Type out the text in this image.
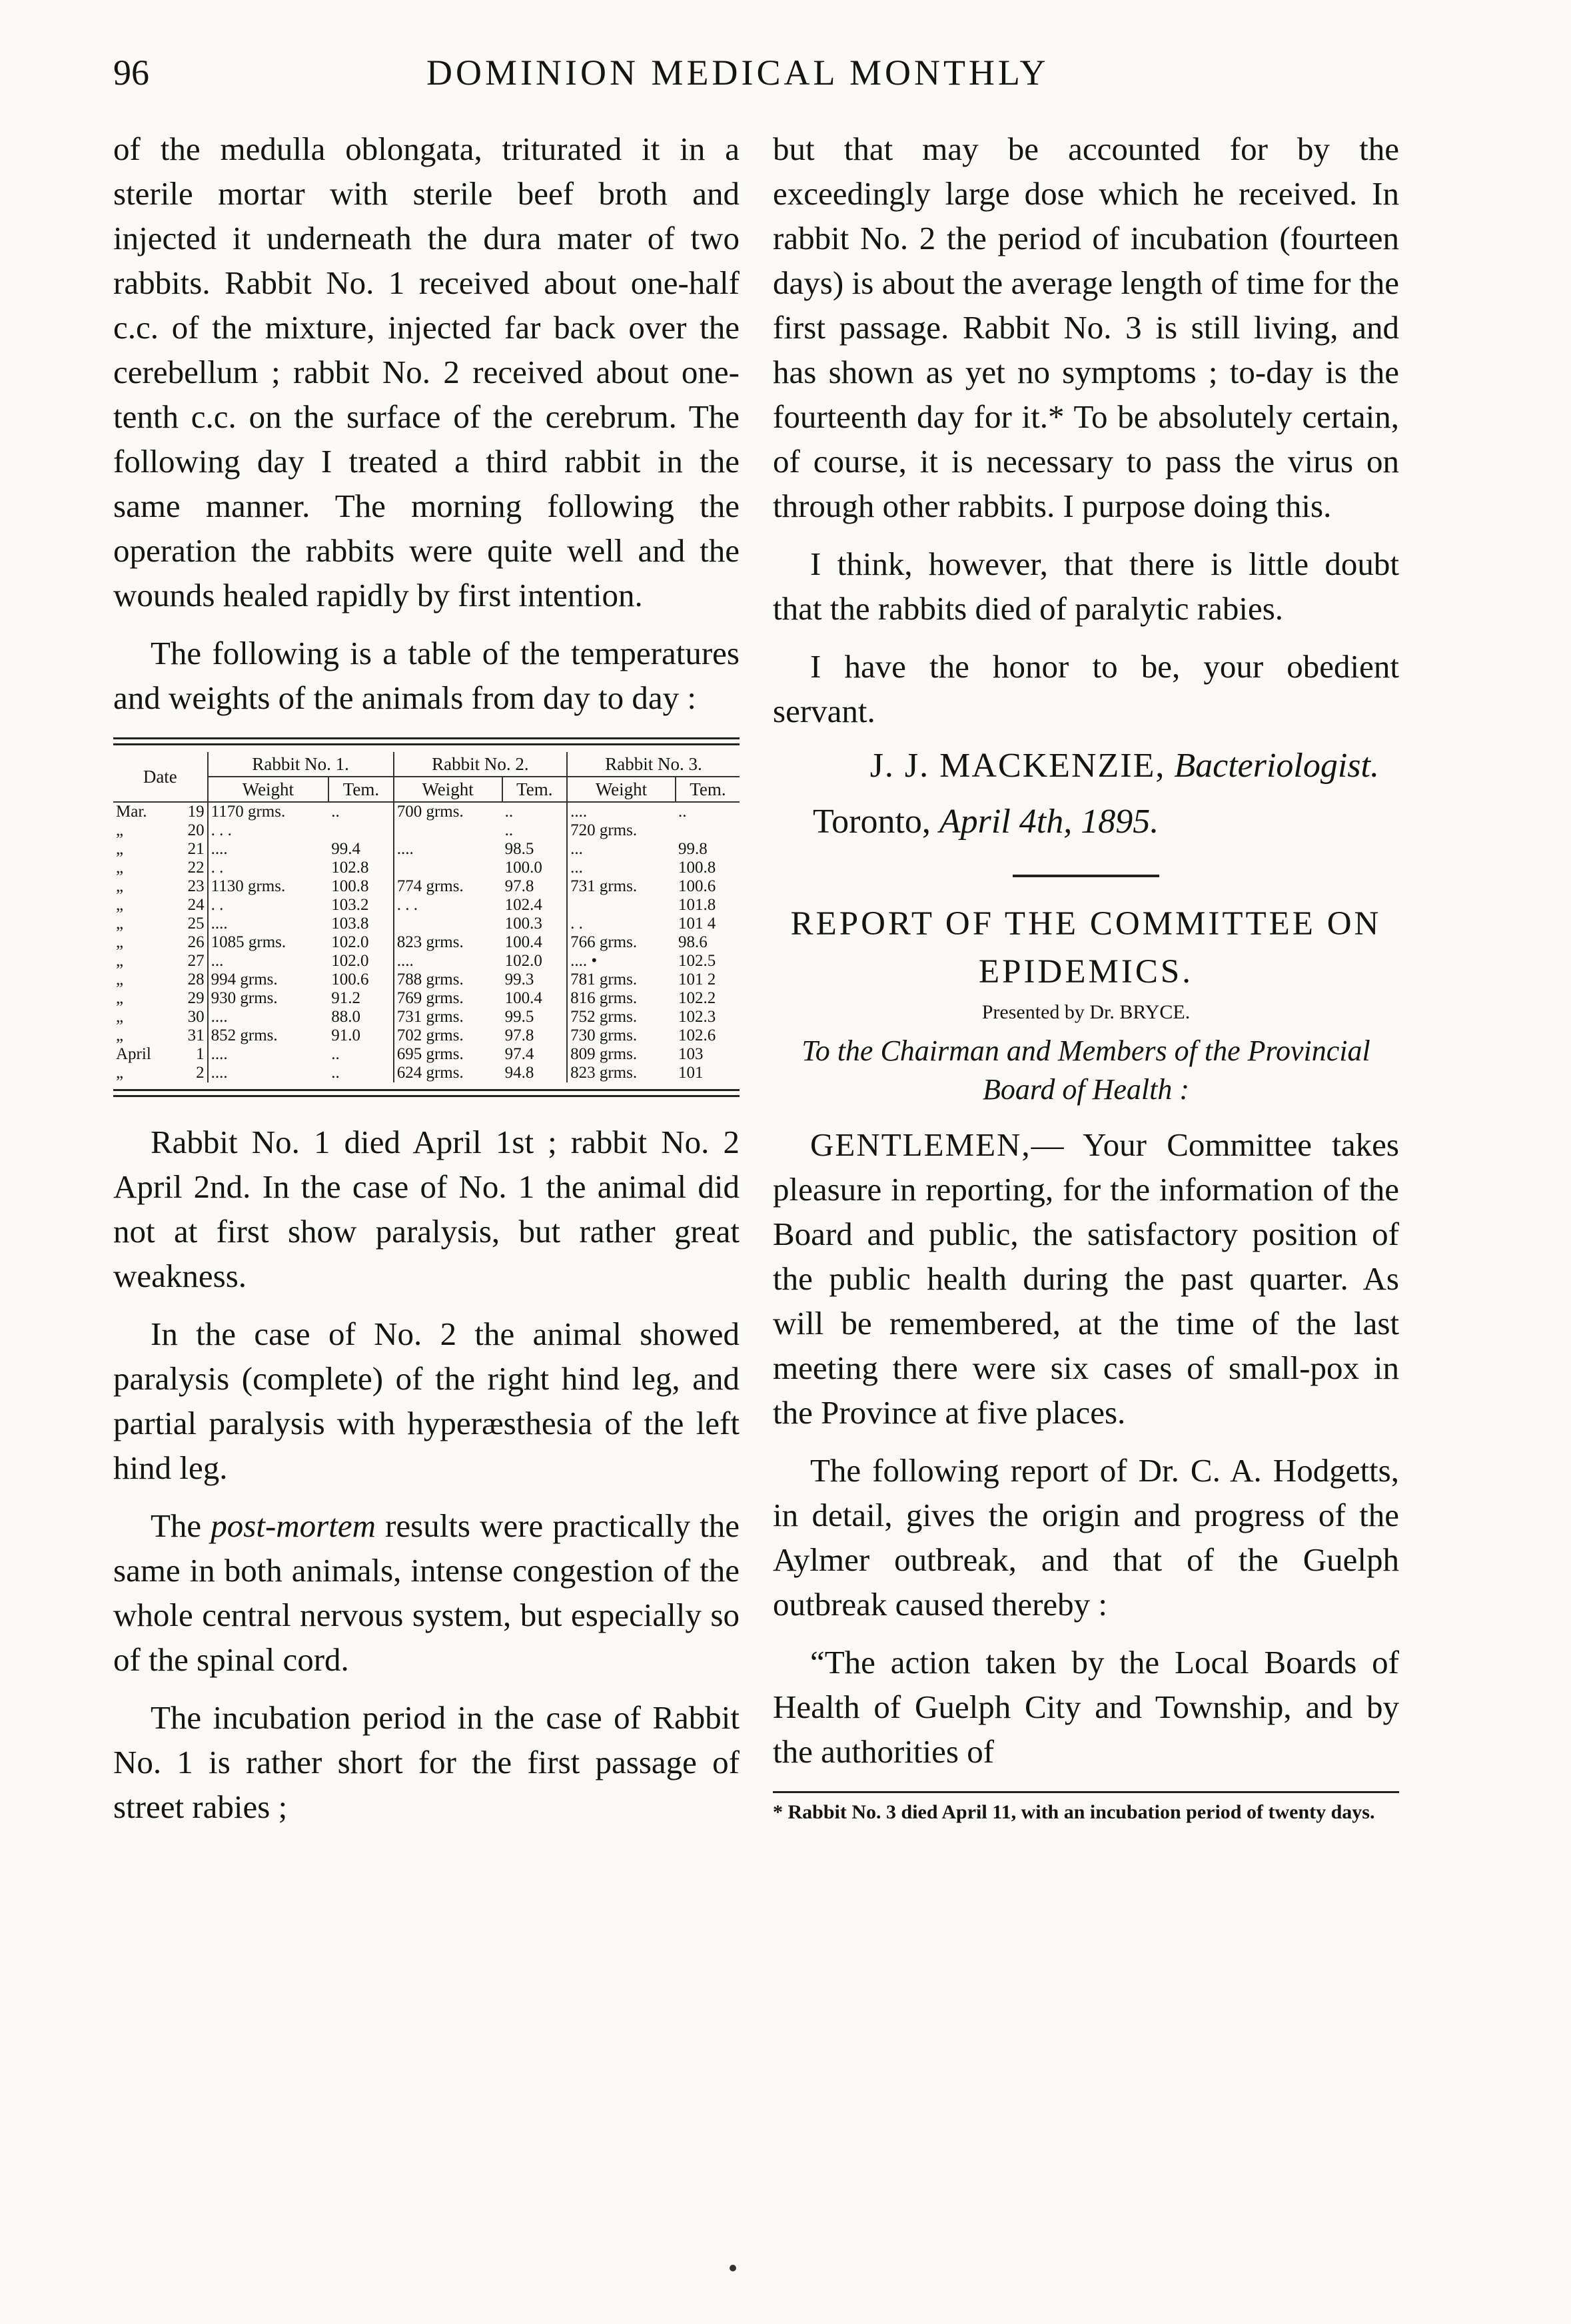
96	DOMINION MEDICAL MONTHLY

of the medulla oblongata, triturated it in a sterile mortar with sterile beef broth and injected it underneath the dura mater of two rabbits. Rabbit No. 1 received about one-half c.c. of the mixture, injected far back over the cerebellum ; rabbit No. 2 received about one-tenth c.c. on the surface of the cerebrum. The following day I treated a third rabbit in the same manner. The morning following the operation the rabbits were quite well and the wounds healed rapidly by first intention.

The following is a table of the temperatures and weights of the animals from day to day :

Date		Rabbit No. 1.		Rabbit No. 2.		Rabbit No. 3.	
		Weight	Tem.	Weight	Tem.	Weight	Tem.
Mar.	19	1170 grms.	..	700 grms.	..	....	..
„	20	. . .			..	720 grms.	
„	21	....	99.4	....	98.5	...	99.8
„	22	. .	102.8		100.0	...	100.8
„	23	1130 grms.	100.8	774 grms.	97.8	731 grms.	100.6
„	24	. .	103.2	. . .	102.4		101.8
„	25	....	103.8		100.3	. .	101 4
„	26	1085 grms.	102.0	823 grms.	100.4	766 grms.	98.6
„	27	...	102.0	....	102.0	.... •	102.5
„	28	994 grms.	100.6	788 grms.	99.3	781 grms.	101 2
„	29	930 grms.	91.2	769 grms.	100.4	816 grms.	102.2
„	30	....	88.0	731 grms.	99.5	752 grms.	102.3
„	31	852 grms.	91.0	702 grms.	97.8	730 grms.	102.6
April	1	....	..	695 grms.	97.4	809 grms.	103
„	2	....	..	624 grms.	94.8	823 grms.	101

Rabbit No. 1 died April 1st ; rabbit No. 2 April 2nd. In the case of No. 1 the animal did not at first show paralysis, but rather great weakness.

In the case of No. 2 the animal showed paralysis (complete) of the right hind leg, and partial paralysis with hyperæsthesia of the left hind leg.

The post-mortem results were practically the same in both animals, intense congestion of the whole central nervous system, but especially so of the spinal cord.

The incubation period in the case of Rabbit No. 1 is rather short for the first passage of street rabies ;

but that may be accounted for by the exceedingly large dose which he received. In rabbit No. 2 the period of incubation (fourteen days) is about the average length of time for the first passage. Rabbit No. 3 is still living, and has shown as yet no symptoms ; to-day is the fourteenth day for it.* To be absolutely certain, of course, it is necessary to pass the virus on through other rabbits. I purpose doing this.

I think, however, that there is little doubt that the rabbits died of paralytic rabies.

I have the honor to be, your obedient servant.

J. J. MACKENZIE, Bacteriologist.

Toronto, April 4th, 1895.

REPORT OF THE COMMITTEE ON
EPIDEMICS.

Presented by Dr. BRYCE.

To the Chairman and Members of the Provincial Board of Health :

GENTLEMEN,— Your Committee takes pleasure in reporting, for the information of the Board and public, the satisfactory position of the public health during the past quarter. As will be remembered, at the time of the last meeting there were six cases of small-pox in the Province at five places.

The following report of Dr. C. A. Hodgetts, in detail, gives the origin and progress of the Aylmer outbreak, and that of the Guelph outbreak caused thereby :

“The action taken by the Local Boards of Health of Guelph City and Township, and by the authorities of

* Rabbit No. 3 died April 11, with an incubation period of twenty days.
